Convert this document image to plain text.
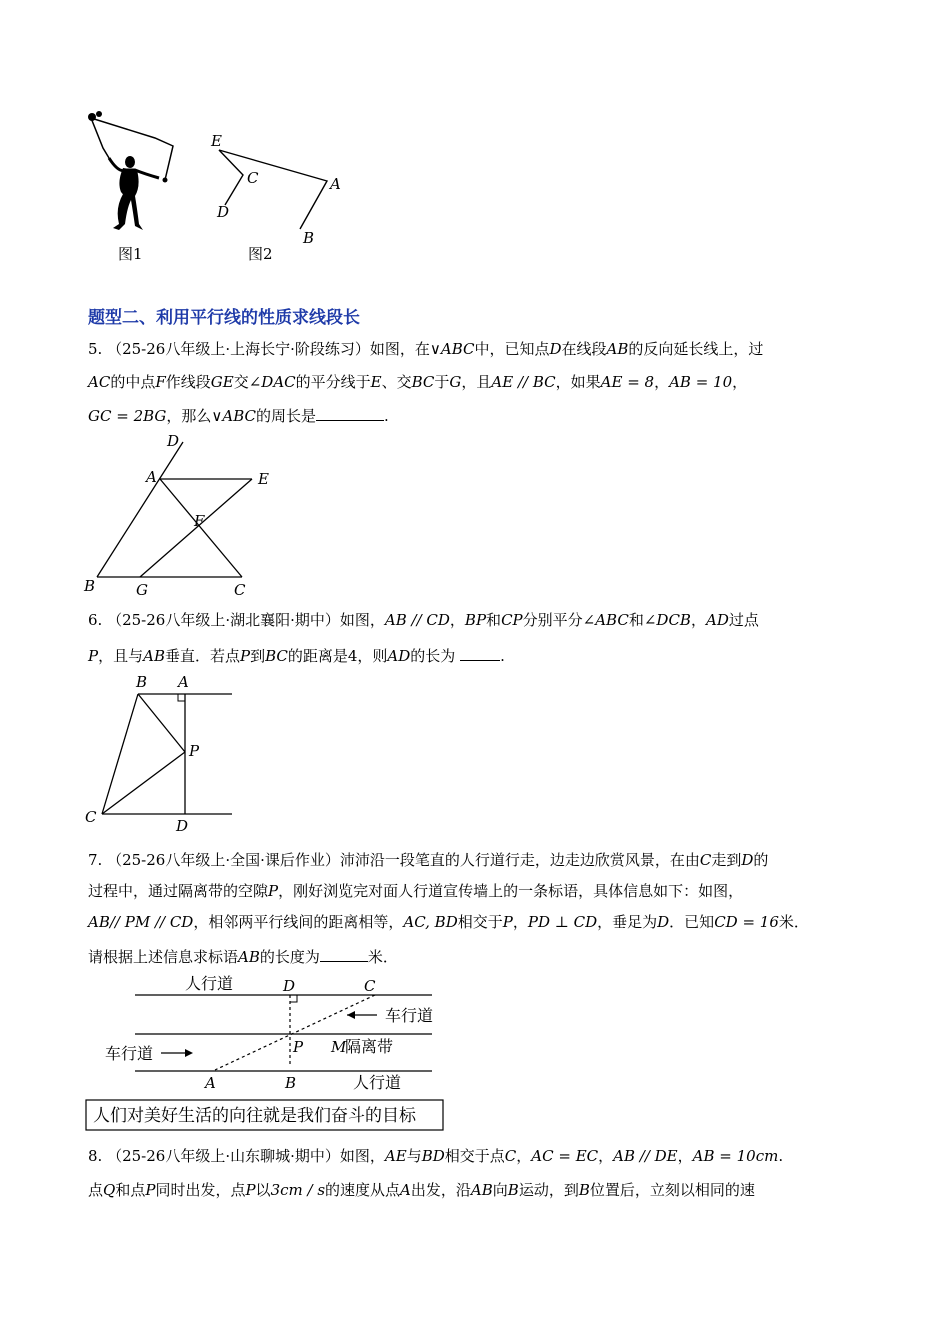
图1
E
C
D
A
B
图2
题型二、利用平行线的性质求线段长
5. （25-26八年级上·上海长宁·阶段练习）如图，在∨ABC中，已知点D在线段AB的反向延长线上，过
AC的中点F作线段GE交∠DAC的平分线于E、交BC于G，且AE // BC，如果AE = 8，AB = 10，
GC = 2BG，那么∨ABC的周长是	.
D
A	E
F
B	G	C
6. （25-26八年级上·湖北襄阳·期中）如图，AB // CD，BP和CP分别平分∠ABC和∠DCB，AD过点
P，且与AB垂直．若点P到BC的距离是4，则AD的长为	.
B A
P
C	D
7. （25-26八年级上·全国·课后作业）沛沛沿一段笔直的人行道行走，边走边欣赏风景，在由C走到D的
过程中，通过隔离带的空隙P，刚好浏览完对面人行道宣传墙上的一条标语，具体信息如下：如图，
AB// PM // CD，相邻两平行线间的距离相等，AC, BD相交于P，PD ⊥ CD，垂足为D．已知CD = 16米．
请根据上述信息求标语AB的长度为	米．
人行道	D	C
车行道
P M
隔离带
车行道
A	B	人行道
人们对美好生活的向往就是我们奋斗的目标
8. （25-26八年级上·山东聊城·期中）如图，AE与BD相交于点C，AC = EC，AB // DE，AB = 10cm.
点Q和点P同时出发，点P以3cm / s的速度从点A出发，沿AB向B运动，到B位置后，立刻以相同的速
